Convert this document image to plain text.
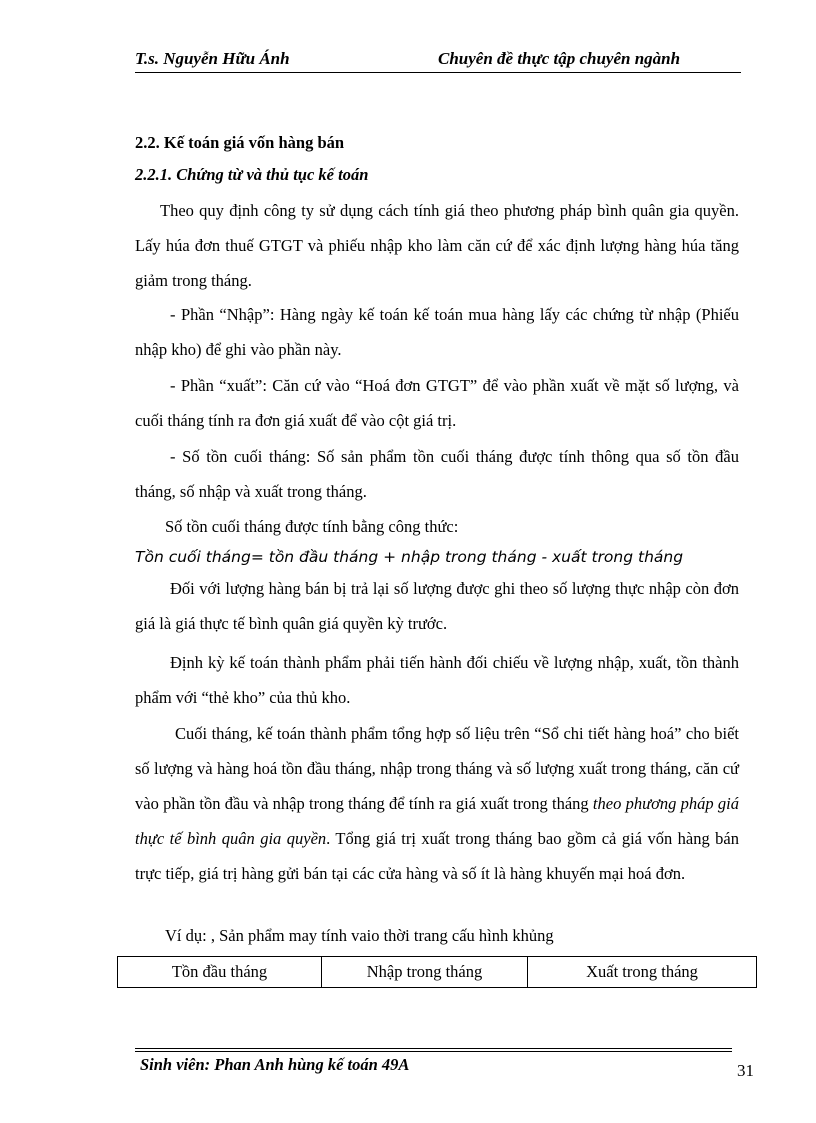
T.s. Nguyễn Hữu Ánh	Chuyên đề thực tập chuyên ngành
2.2. Kế toán giá vốn hàng bán
2.2.1. Chứng từ và thủ tục kế toán

Theo quy định công ty sử dụng cách tính giá theo phương pháp bình quân gia quyền. Lấy húa đơn thuế GTGT và phiếu nhập kho làm căn cứ để xác định lượng hàng húa tăng giảm trong tháng.

- Phần “Nhập”: Hàng ngày kế toán kế toán mua hàng lấy các chứng từ nhập (Phiếu nhập kho) để ghi vào phần này.

- Phần “xuất”: Căn cứ vào “Hoá đơn GTGT” để vào phần xuất về mặt số lượng, và cuối tháng tính ra đơn giá xuất để vào cột giá trị.

- Số tồn cuối tháng: Số sản phẩm tồn cuối tháng được tính thông qua số tồn đầu tháng, số nhập và xuất trong tháng.

Số tồn cuối tháng được tính bằng công thức:

Tồn cuối tháng= tồn đầu tháng + nhập trong tháng - xuất trong tháng

Đối với lượng hàng bán bị trả lại số lượng được ghi theo số lượng thực nhập còn đơn giá là giá thực tế bình quân giá quyền kỳ trước.

Định kỳ kế toán thành phẩm phải tiến hành đối chiếu về lượng nhập, xuất, tồn thành phẩm với “thẻ kho” của thủ kho.

Cuối tháng, kế toán thành phẩm tổng hợp số liệu trên “Sổ chi tiết hàng hoá” cho biết số lượng và hàng hoá tồn đầu tháng, nhập trong tháng và số lượng xuất trong tháng, căn cứ vào phần tồn đầu và nhập trong tháng để tính ra giá xuất trong tháng theo phương pháp giá thực tế bình quân gia quyền. Tổng giá trị xuất trong tháng bao gồm cả giá vốn hàng bán trực tiếp, giá trị hàng gửi bán tại các cửa hàng và số ít là hàng khuyến mại hoá đơn.

Ví dụ: , Sản phẩm may tính vaio thời trang cấu hình khủng

Tồn đầu tháng	Nhập trong tháng	Xuất trong tháng
Sinh viên: Phan Anh hùng kế toán 49A	31
